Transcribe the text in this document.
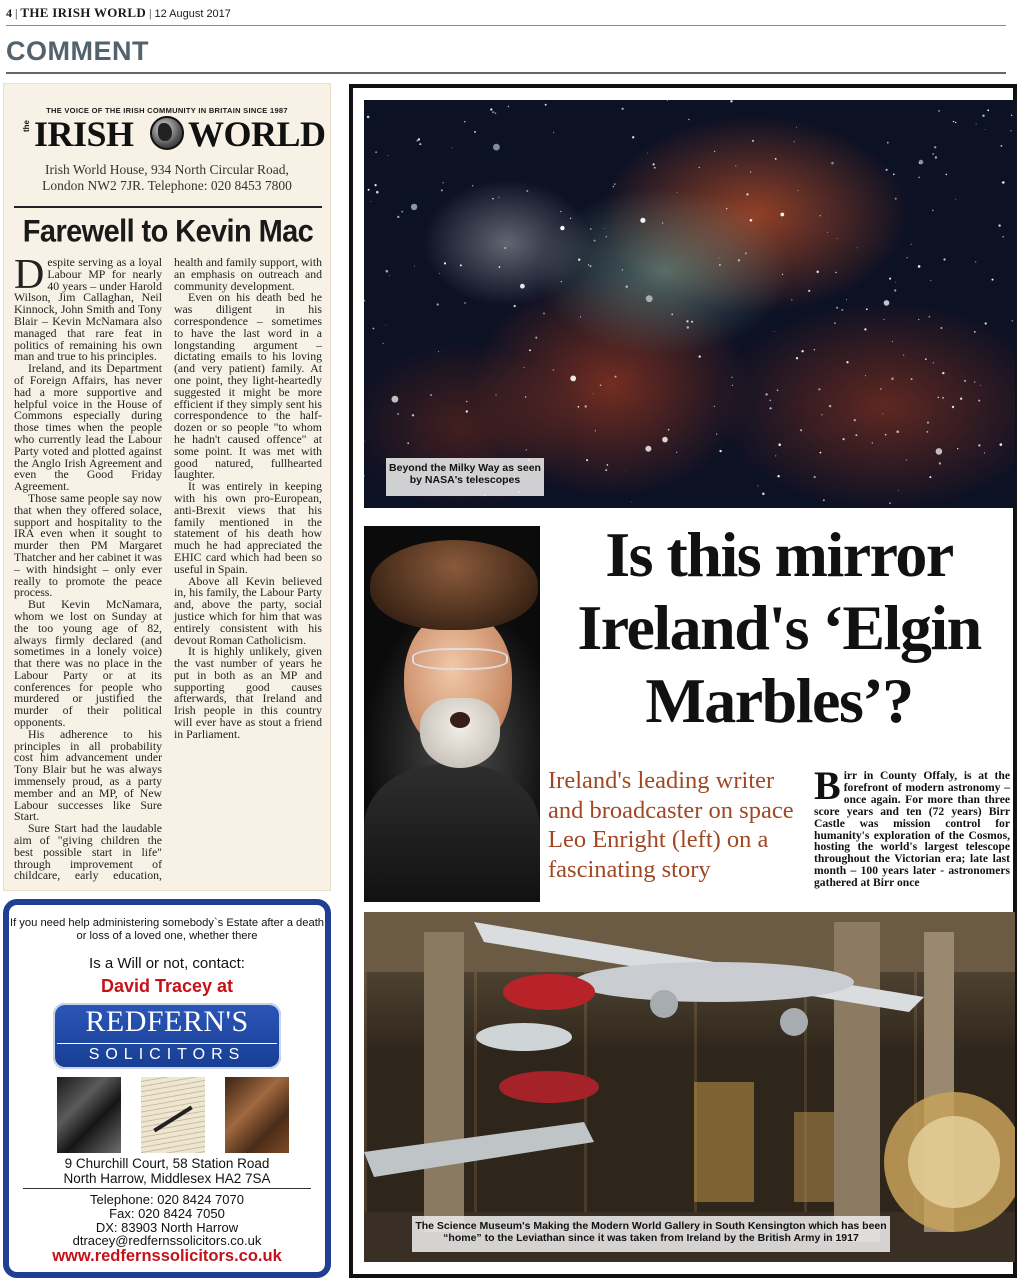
4 | THE IRISH WORLD | 12 August 2017
COMMENT
THE VOICE OF THE IRISH COMMUNITY IN BRITAIN SINCE 1987
the IRISH WORLD
Irish World House, 934 North Circular Road,
London NW2 7JR. Telephone: 020 8453 7800
Farewell to Kevin Mac

Despite serving as a loyal Labour MP for nearly 40 years – under Harold Wilson, Jim Callaghan, Neil Kinnock, John Smith and Tony Blair – Kevin McNamara also managed that rare feat in politics of remaining his own man and true to his principles.

Ireland, and its Department of Foreign Affairs, has never had a more supportive and helpful voice in the House of Commons especially during those times when the people who currently lead the Labour Party voted and plotted against the Anglo Irish Agreement and even the Good Friday Agreement.

Those same people say now that when they offered solace, support and hospitality to the IRA even when it sought to murder then PM Margaret Thatcher and her cabinet it was – with hindsight – only ever really to promote the peace process.

But Kevin McNamara, whom we lost on Sunday at the too young age of 82, always firmly declared (and sometimes in a lonely voice) that there was no place in the Labour Party or at its conferences for people who murdered or justified the murder of their political opponents.

His adherence to his principles in all probability cost him advancement under Tony Blair but he was always immensely proud, as a party member and an MP, of New Labour successes like Sure Start.

Sure Start had the laudable aim of "giving children the best possible start in life" through improvement of childcare, early education, health and family support, with an emphasis on outreach and community development.

Even on his death bed he was diligent in his correspondence – sometimes to have the last word in a longstanding argument – dictating emails to his loving (and very patient) family. At one point, they light-heartedly suggested it might be more efficient if they simply sent his correspondence to the half-dozen or so people "to whom he hadn't caused offence" at some point. It was met with good natured, fullhearted laughter.

It was entirely in keeping with his own pro-European, anti-Brexit views that his family mentioned in the statement of his death how much he had appreciated the EHIC card which had been so useful in Spain.

Above all Kevin believed in, his family, the Labour Party and, above the party, social justice which for him that was entirely consistent with his devout Roman Catholicism.

It is highly unlikely, given the vast number of years he put in both as an MP and supporting good causes afterwards, that Ireland and Irish people in this country will ever have as stout a friend in Parliament.

If you need help administering somebody`s Estate after a death or loss of a loved one, whether there
Is a Will or not, contact:
David Tracey at
REDFERN'S
SOLICITORS
9 Churchill Court, 58 Station Road
North Harrow, Middlesex HA2 7SA
Telephone: 020 8424 7070
Fax: 020 8424 7050
DX: 83903 North Harrow
dtracey@redfernssolicitors.co.uk
www.redfernssolicitors.co.uk
Beyond the Milky Way as seen by NASA's telescopes
Is this mirror Ireland's ‘Elgin Marbles’?
Ireland's leading writer and broadcaster on space Leo Enright (left) on a fascinating story
Birr in County Offaly, is at the forefront of modern astronomy – once again. For more than three score years and ten (72 years) Birr Castle was mission control for humanity's exploration of the Cosmos, hosting the world's largest telescope throughout the Victorian era; late last month – 100 years later - astronomers gathered at Birr once
The Science Museum's Making the Modern World Gallery in South Kensington which has been “home” to the Leviathan since it was taken from Ireland by the British Army in 1917
